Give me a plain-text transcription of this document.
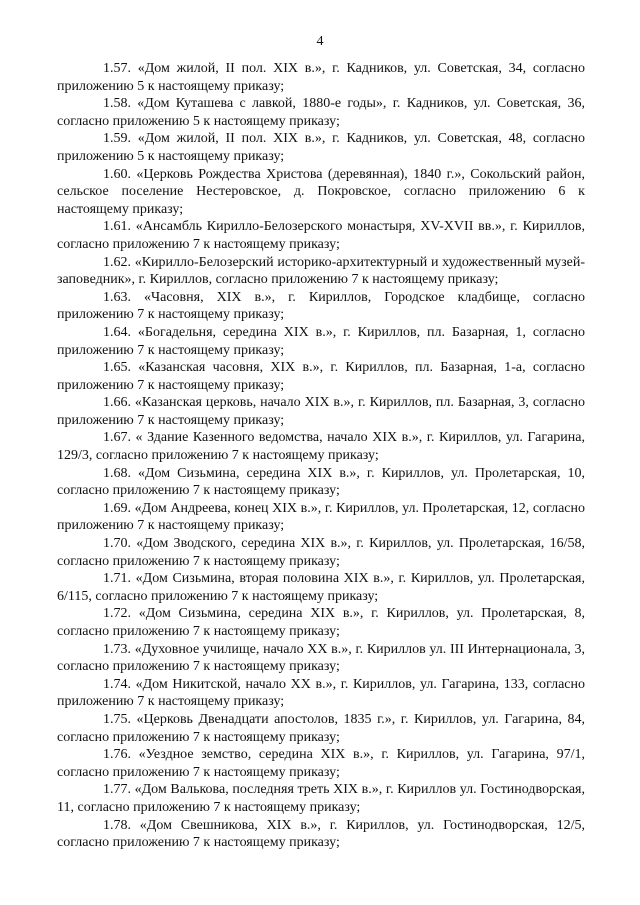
4

1.57. «Дом жилой, II пол. XIX в.», г. Кадников, ул. Советская, 34, согласно приложению 5 к настоящему приказу;

1.58. «Дом Куташева с лавкой, 1880-е годы», г. Кадников, ул. Советская, 36, согласно приложению 5 к настоящему приказу;

1.59. «Дом жилой, II пол. XIX в.», г. Кадников, ул. Советская, 48, согласно приложению 5 к настоящему приказу;

1.60. «Церковь Рождества Христова (деревянная), 1840 г.», Сокольский район, сельское поселение Нестеровское, д. Покровское, согласно приложению 6 к настоящему приказу;

1.61. «Ансамбль Кирилло-Белозерского монастыря, XV-XVII вв.», г. Кириллов, согласно приложению 7 к настоящему приказу;

1.62. «Кирилло-Белозерский историко-архитектурный и художественный музей-заповедник», г. Кириллов, согласно приложению 7 к настоящему приказу;

1.63. «Часовня, XIX в.», г. Кириллов, Городское кладбище, согласно приложению 7 к настоящему приказу;

1.64. «Богадельня, середина XIX в.», г. Кириллов, пл. Базарная, 1, согласно приложению 7 к настоящему приказу;

1.65. «Казанская часовня, XIX в.», г. Кириллов, пл. Базарная, 1-а, согласно приложению 7 к настоящему приказу;

1.66. «Казанская церковь, начало XIX в.», г. Кириллов, пл. Базарная, 3, согласно приложению 7 к настоящему приказу;

1.67. « Здание Казенного ведомства, начало XIX в.», г. Кириллов, ул. Гагарина, 129/3, согласно приложению 7 к настоящему приказу;

1.68. «Дом Сизьмина, середина XIX в.», г. Кириллов, ул. Пролетарская, 10, согласно приложению 7 к настоящему приказу;

1.69. «Дом Андреева, конец XIX в.», г. Кириллов, ул. Пролетарская, 12, согласно приложению 7 к настоящему приказу;

1.70. «Дом Зводского, середина XIX в.», г. Кириллов, ул. Пролетарская, 16/58, согласно приложению 7 к настоящему приказу;

1.71. «Дом Сизьмина, вторая половина XIX в.», г. Кириллов, ул. Пролетарская, 6/115, согласно приложению 7 к настоящему приказу;

1.72. «Дом Сизьмина, середина XIX в.», г. Кириллов, ул. Пролетарская, 8, согласно приложению 7 к настоящему приказу;

1.73. «Духовное училище, начало XX в.», г. Кириллов ул. III Интернационала, 3, согласно приложению 7 к настоящему приказу;

1.74. «Дом Никитской, начало XX в.», г. Кириллов, ул. Гагарина, 133, согласно приложению 7 к настоящему приказу;

1.75. «Церковь Двенадцати апостолов, 1835 г.», г. Кириллов, ул. Гагарина, 84, согласно приложению 7 к настоящему приказу;

1.76. «Уездное земство, середина XIX в.», г. Кириллов, ул. Гагарина, 97/1, согласно приложению 7 к настоящему приказу;

1.77. «Дом Валькова, последняя треть XIX в.», г. Кириллов ул. Гостинодворская, 11, согласно приложению 7 к настоящему приказу;

1.78. «Дом Свешникова, XIX в.», г. Кириллов, ул. Гостинодворская, 12/5, согласно приложению 7 к настоящему приказу;
